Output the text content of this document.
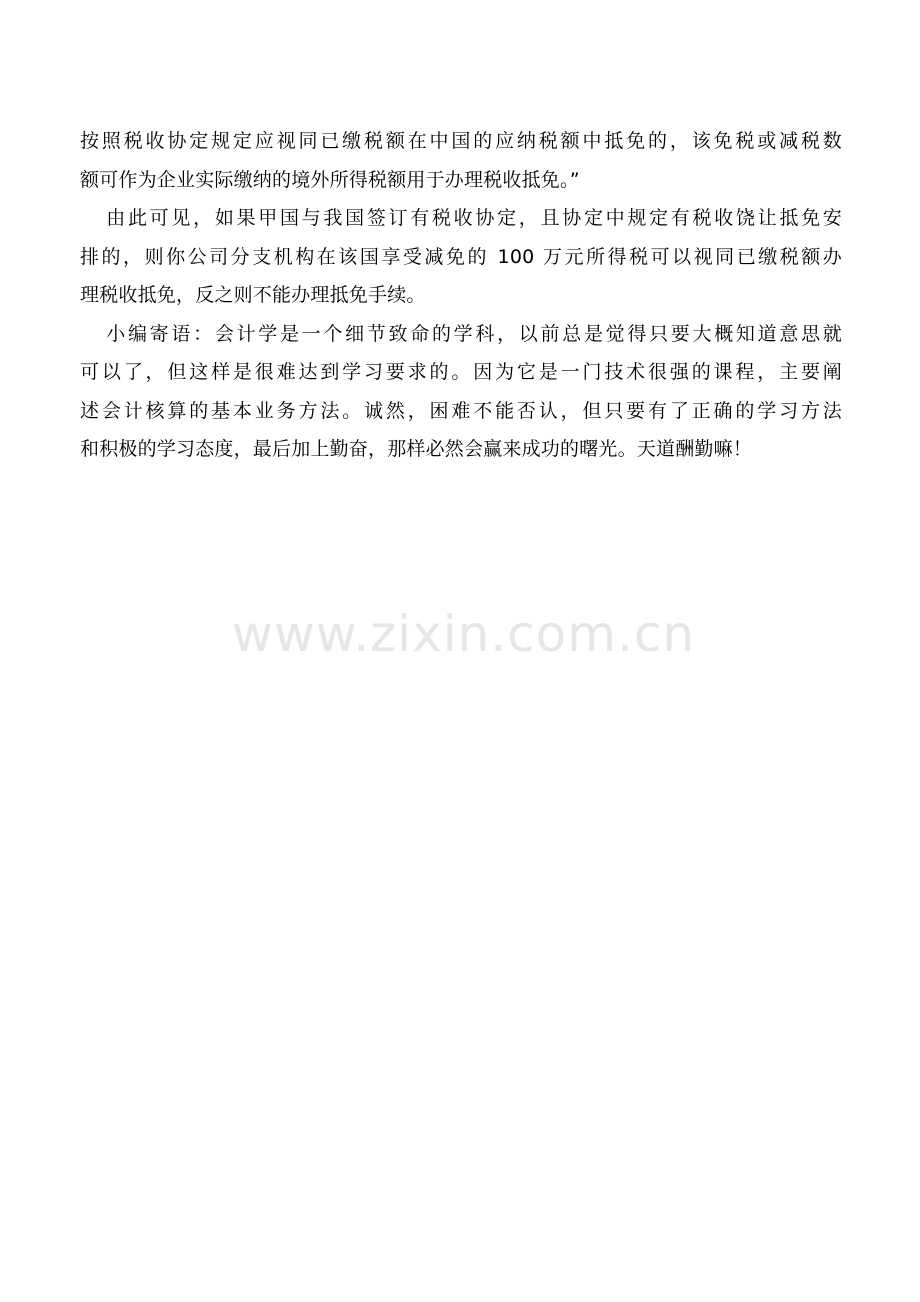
www.zixin.com.cn
按照税收协定规定应视同已缴税额在中国的应纳税额中抵免的，该免税或减税数
额可作为企业实际缴纳的境外所得税额用于办理税收抵免。”
由此可见，如果甲国与我国签订有税收协定，且协定中规定有税收饶让抵免安
排的，则你公司分支机构在该国享受减免的 100 万元所得税可以视同已缴税额办
理税收抵免，反之则不能办理抵免手续。
小编寄语：会计学是一个细节致命的学科，以前总是觉得只要大概知道意思就
可以了，但这样是很难达到学习要求的。因为它是一门技术很强的课程，主要阐
述会计核算的基本业务方法。诚然，困难不能否认，但只要有了正确的学习方法
和积极的学习态度，最后加上勤奋，那样必然会赢来成功的曙光。天道酬勤嘛！
